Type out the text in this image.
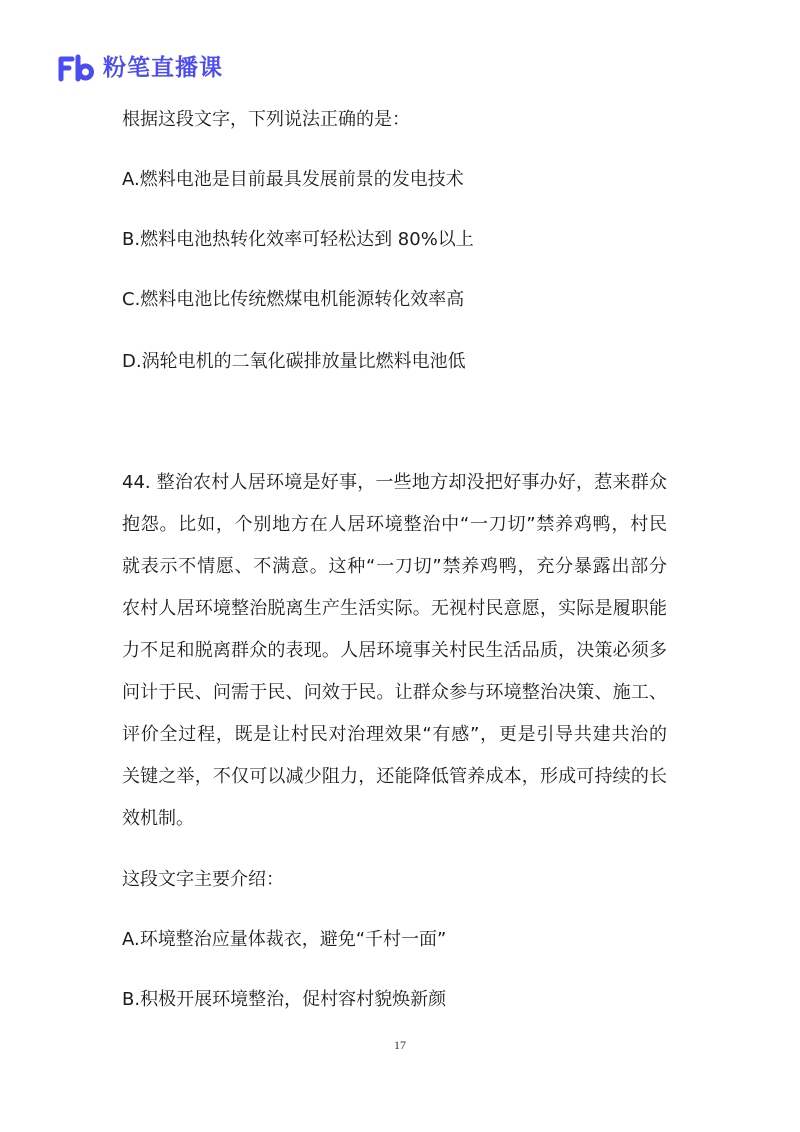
粉笔直播课
根据这段文字，下列说法正确的是：
A.燃料电池是目前最具发展前景的发电技术
B.燃料电池热转化效率可轻松达到 80%以上
C.燃料电池比传统燃煤电机能源转化效率高
D.涡轮电机的二氧化碳排放量比燃料电池低
44. 整治农村人居环境是好事，一些地方却没把好事办好，惹来群众
抱怨。比如，个别地方在人居环境整治中“一刀切”禁养鸡鸭，村民
就表示不情愿、不满意。这种“一刀切”禁养鸡鸭，充分暴露出部分
农村人居环境整治脱离生产生活实际。无视村民意愿，实际是履职能
力不足和脱离群众的表现。人居环境事关村民生活品质，决策必须多
问计于民、问需于民、问效于民。让群众参与环境整治决策、施工、
评价全过程，既是让村民对治理效果“有感”，更是引导共建共治的
关键之举，不仅可以减少阻力，还能降低管养成本，形成可持续的长
效机制。
这段文字主要介绍：
A.环境整治应量体裁衣，避免“千村一面”
B.积极开展环境整治，促村容村貌焕新颜
17
